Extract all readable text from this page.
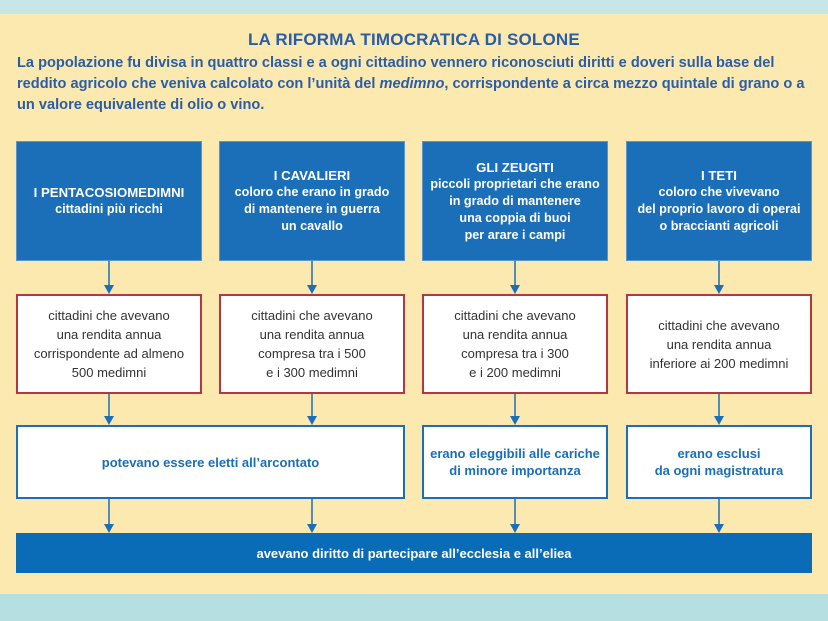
LA RIFORMA TIMOCRATICA DI SOLONE
La popolazione fu divisa in quattro classi e a ogni cittadino vennero riconosciuti diritti e doveri sulla base del reddito agricolo che veniva calcolato con l’unità del medimno, corrispondente a circa mezzo quintale di grano o a un valore equivalente di olio o vino.
I PENTACOSIOMEDIMNI
cittadini più ricchi
I CAVALIERI
coloro che erano in grado
di mantenere in guerra
un cavallo
GLI ZEUGITI
piccoli proprietari che erano
in grado di mantenere
una coppia di buoi
per arare i campi
I TETI
coloro che vivevano
del proprio lavoro di operai
o braccianti agricoli
cittadini che avevano
una rendita annua
corrispondente ad almeno
500 medimni
cittadini che avevano
una rendita annua
compresa tra i 500
e i 300 medimni
cittadini che avevano
una rendita annua
compresa tra i 300
e i 200 medimni
cittadini che avevano
una rendita annua
inferiore ai 200 medimni
potevano essere eletti all’arcontato
erano eleggibili alle cariche
di minore importanza
erano esclusi
da ogni magistratura
avevano diritto di partecipare all’ecclesia e all’eliea
